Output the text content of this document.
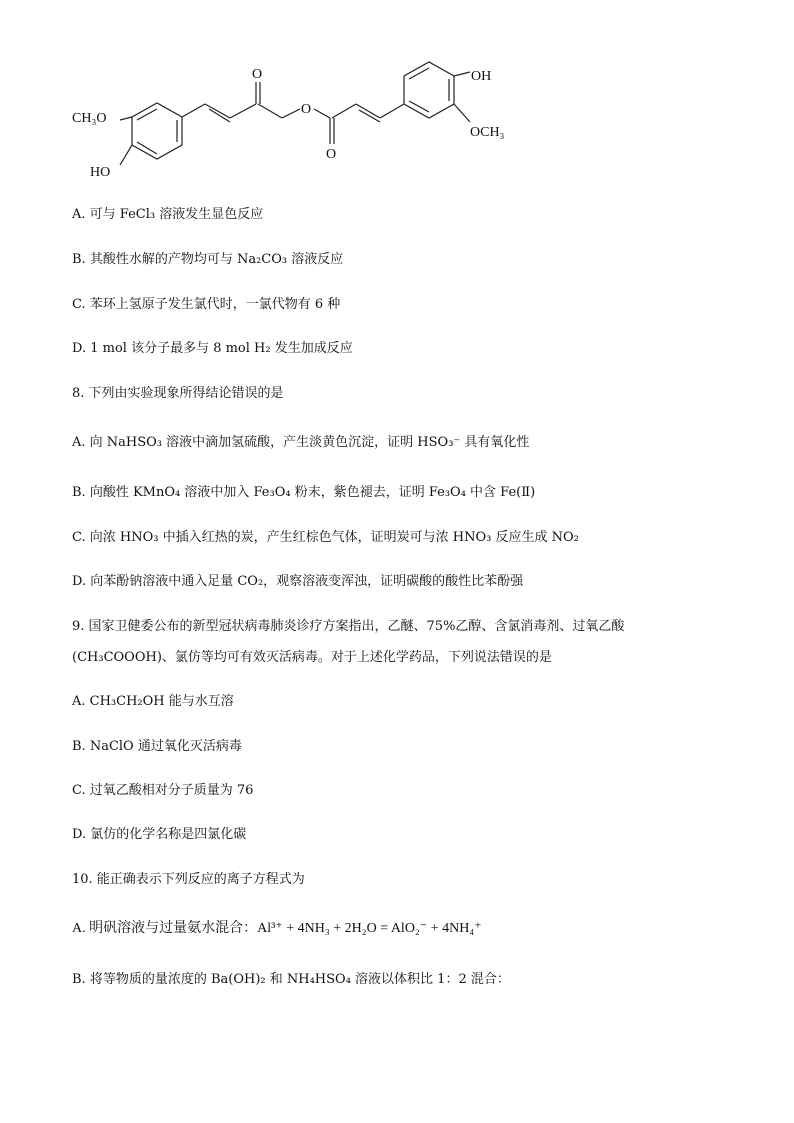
CH₃O
HO
O
O
O
OH
OCH₃
A. 可与 FeCl₃ 溶液发生显色反应
B. 其酸性水解的产物均可与 Na₂CO₃ 溶液反应
C. 苯环上氢原子发生氯代时，一氯代物有 6 种
D. 1 mol 该分子最多与 8 mol H₂ 发生加成反应
8. 下列由实验现象所得结论错误的是
A. 向 NaHSO₃ 溶液中滴加氢硫酸，产生淡黄色沉淀，证明 HSO₃⁻ 具有氧化性
B. 向酸性 KMnO₄ 溶液中加入 Fe₃O₄ 粉末，紫色褪去，证明 Fe₃O₄ 中含 Fe(Ⅱ)
C. 向浓 HNO₃ 中插入红热的炭，产生红棕色气体，证明炭可与浓 HNO₃ 反应生成 NO₂
D. 向苯酚钠溶液中通入足量 CO₂，观察溶液变浑浊，证明碳酸的酸性比苯酚强
9. 国家卫健委公布的新型冠状病毒肺炎诊疗方案指出，乙醚、75%乙醇、含氯消毒剂、过氧乙酸
(CH₃COOOH)、氯仿等均可有效灭活病毒。对于上述化学药品，下列说法错误的是
A. CH₃CH₂OH 能与水互溶
B. NaClO 通过氧化灭活病毒
C. 过氧乙酸相对分子质量为 76
D. 氯仿的化学名称是四氯化碳
10. 能正确表示下列反应的离子方程式为
A. 明矾溶液与过量氨水混合：Al³⁺ + 4NH₃ + 2H₂O = AlO₂⁻ + 4NH₄⁺
B. 将等物质的量浓度的 Ba(OH)₂ 和 NH₄HSO₄ 溶液以体积比 1：2 混合：
